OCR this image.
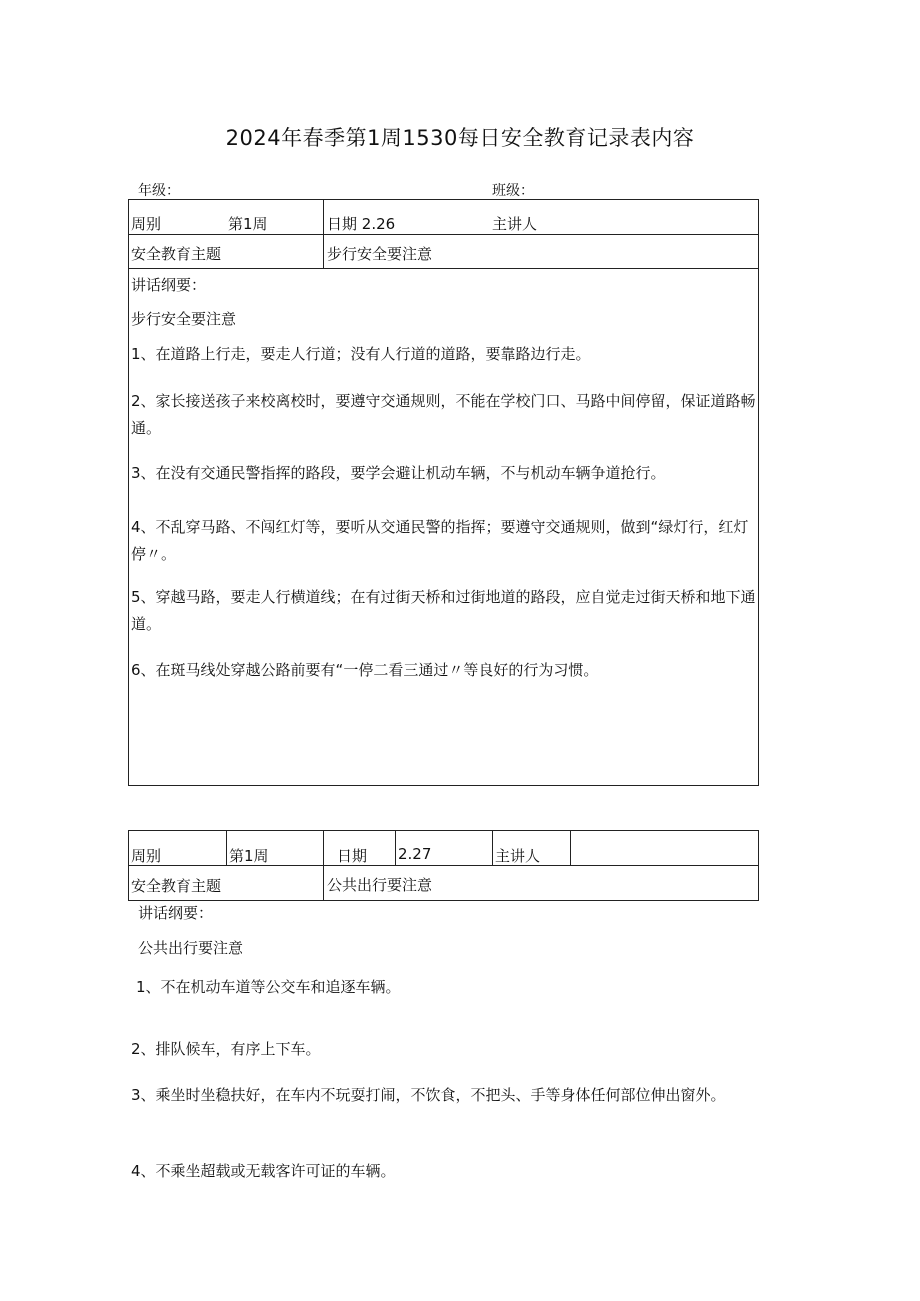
2024年春季第1周1530每日安全教育记录表内容
年级：	班级：
周别	第1周	日期 2.26	主讲人
安全教育主题	步行安全要注意
讲话纲要：
步行安全要注意
1、在道路上行走，要走人行道；没有人行道的道路，要靠路边行走。
2、家长接送孩子来校离校时，要遵守交通规则，不能在学校门口、马路中间停留，保证道路畅通。
3、在没有交通民警指挥的路段，要学会避让机动车辆，不与机动车辆争道抢行。
4、不乱穿马路、不闯红灯等，要听从交通民警的指挥；要遵守交通规则，做到“绿灯行，红灯停〃。
5、穿越马路，要走人行横道线；在有过街天桥和过街地道的路段，应自觉走过街天桥和地下通道。
6、在斑马线处穿越公路前要有“一停二看三通过〃等良好的行为习惯。
周别	第1周	日期 2.27	主讲人
安全教育主题	公共出行要注意
讲话纲要：
公共出行要注意
1、不在机动车道等公交车和追逐车辆。
2、排队候车，有序上下车。
3、乘坐时坐稳扶好，在车内不玩耍打闹，不饮食，不把头、手等身体任何部位伸出窗外。
4、不乘坐超载或无载客许可证的车辆。
